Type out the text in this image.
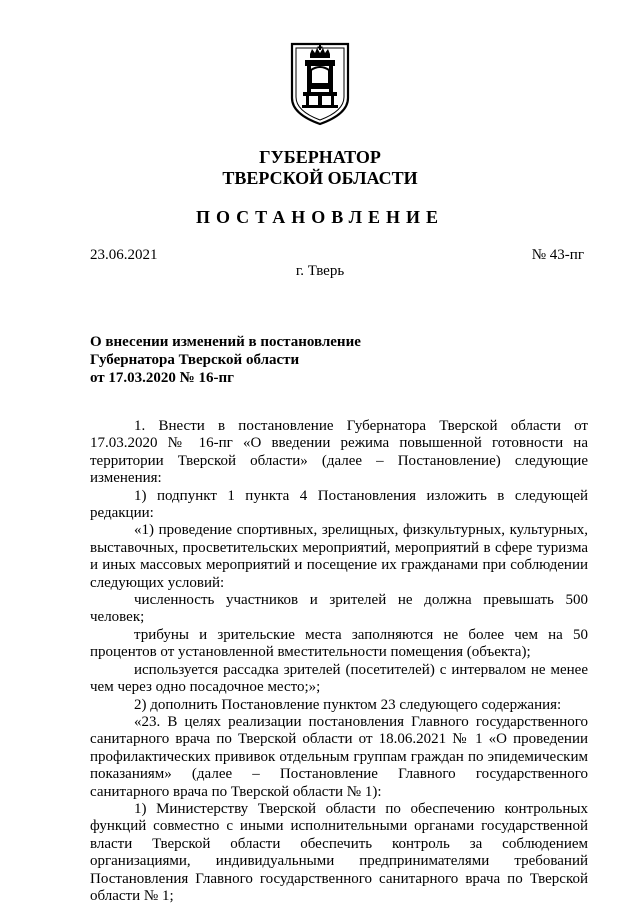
ГУБЕРНАТОР
ТВЕРСКОЙ ОБЛАСТИ
ПОСТАНОВЛЕНИЕ
23.06.2021	№ 43-пг
г. Тверь
О внесении изменений в постановление
Губернатора Тверской области
от 17.03.2020 № 16-пг

1. Внести в постановление Губернатора Тверской области от 17.03.2020 № 16-пг «О введении режима повышенной готовности на территории Тверской области» (далее – Постановление) следующие изменения:

1) подпункт 1 пункта 4 Постановления изложить в следующей редакции:

«1) проведение спортивных, зрелищных, физкультурных, культурных, выставочных, просветительских мероприятий, мероприятий в сфере туризма и иных массовых мероприятий и посещение их гражданами при соблюдении следующих условий:

численность участников и зрителей не должна превышать 500 человек;

трибуны и зрительские места заполняются не более чем на 50 процентов от установленной вместительности помещения (объекта);

используется рассадка зрителей (посетителей) с интервалом не менее чем через одно посадочное место;»;

2) дополнить Постановление пунктом 23 следующего содержания:

«23. В целях реализации постановления Главного государственного санитарного врача по Тверской области от 18.06.2021 № 1 «О проведении профилактических прививок отдельным группам граждан по эпидемическим показаниям» (далее – Постановление Главного государственного санитарного врача по Тверской области № 1):

1) Министерству Тверской области по обеспечению контрольных функций совместно с иными исполнительными органами государственной власти Тверской области обеспечить контроль за соблюдением организациями, индивидуальными предпринимателями требований Постановления Главного государственного санитарного врача по Тверской области № 1;
